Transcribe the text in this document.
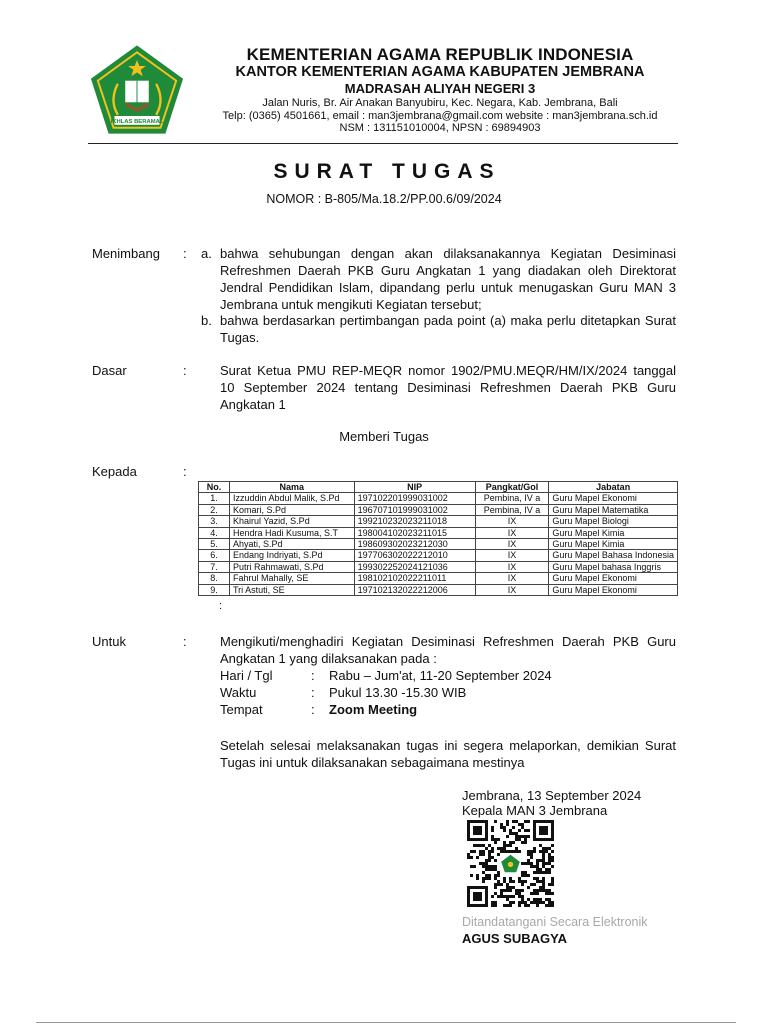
IKHLAS BERAMAL
KEMENTERIAN AGAMA REPUBLIK INDONESIA
KANTOR KEMENTERIAN AGAMA KABUPATEN JEMBRANA
MADRASAH ALIYAH NEGERI 3
Jalan Nuris, Br. Air Anakan Banyubiru, Kec. Negara, Kab. Jembrana, Bali
Telp: (0365) 4501661, email : man3jembrana@gmail.com website : man3jembrana.sch.id
NSM : 131151010004, NPSN : 69894903
SURAT TUGAS
NOMOR : B-805/Ma.18.2/PP.00.6/09/2024
Menimbang : a. bahwa sehubungan dengan akan dilaksanakannya Kegiatan Desiminasi Refreshmen Daerah PKB Guru Angkatan 1 yang diadakan oleh Direktorat Jendral Pendidikan Islam, dipandang perlu untuk menugaskan Guru MAN 3 Jembrana untuk mengikuti Kegiatan tersebut;
b. bahwa berdasarkan pertimbangan pada point (a) maka perlu ditetapkan Surat Tugas.
Dasar	:	Surat Ketua PMU REP-MEQR nomor 1902/PMU.MEQR/HM/IX/2024 tanggal 10 September 2024 tentang Desiminasi Refreshmen Daerah PKB Guru Angkatan 1
Memberi Tugas
Kepada	:
No.	Nama	NIP	Pangkat/Gol	Jabatan
1.	Izzuddin Abdul Malik, S.Pd	197102201999031002	Pembina, IV a	Guru Mapel Ekonomi
2.	Komari, S.Pd	196707101999031002	Pembina, IV a	Guru Mapel Matematika
3.	Khairul Yazid, S.Pd	199210232023211018	IX	Guru Mapel Biologi
4.	Hendra Hadi Kusuma, S.T	198004102023211015	IX	Guru Mapel Kimia
5.	Ahyati, S.Pd	198609302023212030	IX	Guru Mapel Kimia
6.	Endang Indriyati, S.Pd	197706302022212010	IX	Guru Mapel Bahasa Indonesia
7.	Putri Rahmawati, S.Pd	199302252024121036	IX	Guru Mapel bahasa Inggris
8.	Fahrul Mahally, SE	198102102022211011	IX	Guru Mapel Ekonomi
9.	Tri Astuti, SE	197102132022212006	IX	Guru Mapel Ekonomi
:
Untuk	:	Mengikuti/menghadiri Kegiatan Desiminasi Refreshmen Daerah PKB Guru Angkatan 1 yang dilaksanakan pada :
Hari / Tgl	: Rabu – Jum'at, 11-20 September 2024
Waktu	: Pukul 13.30 -15.30 WIB
Tempat	: Zoom Meeting
Setelah selesai melaksanakan tugas ini segera melaporkan, demikian Surat Tugas ini untuk dilaksanakan sebagaimana mestinya
Jembrana, 13 September 2024
Kepala MAN 3 Jembrana
Ditandatangani Secara Elektronik
AGUS SUBAGYA
